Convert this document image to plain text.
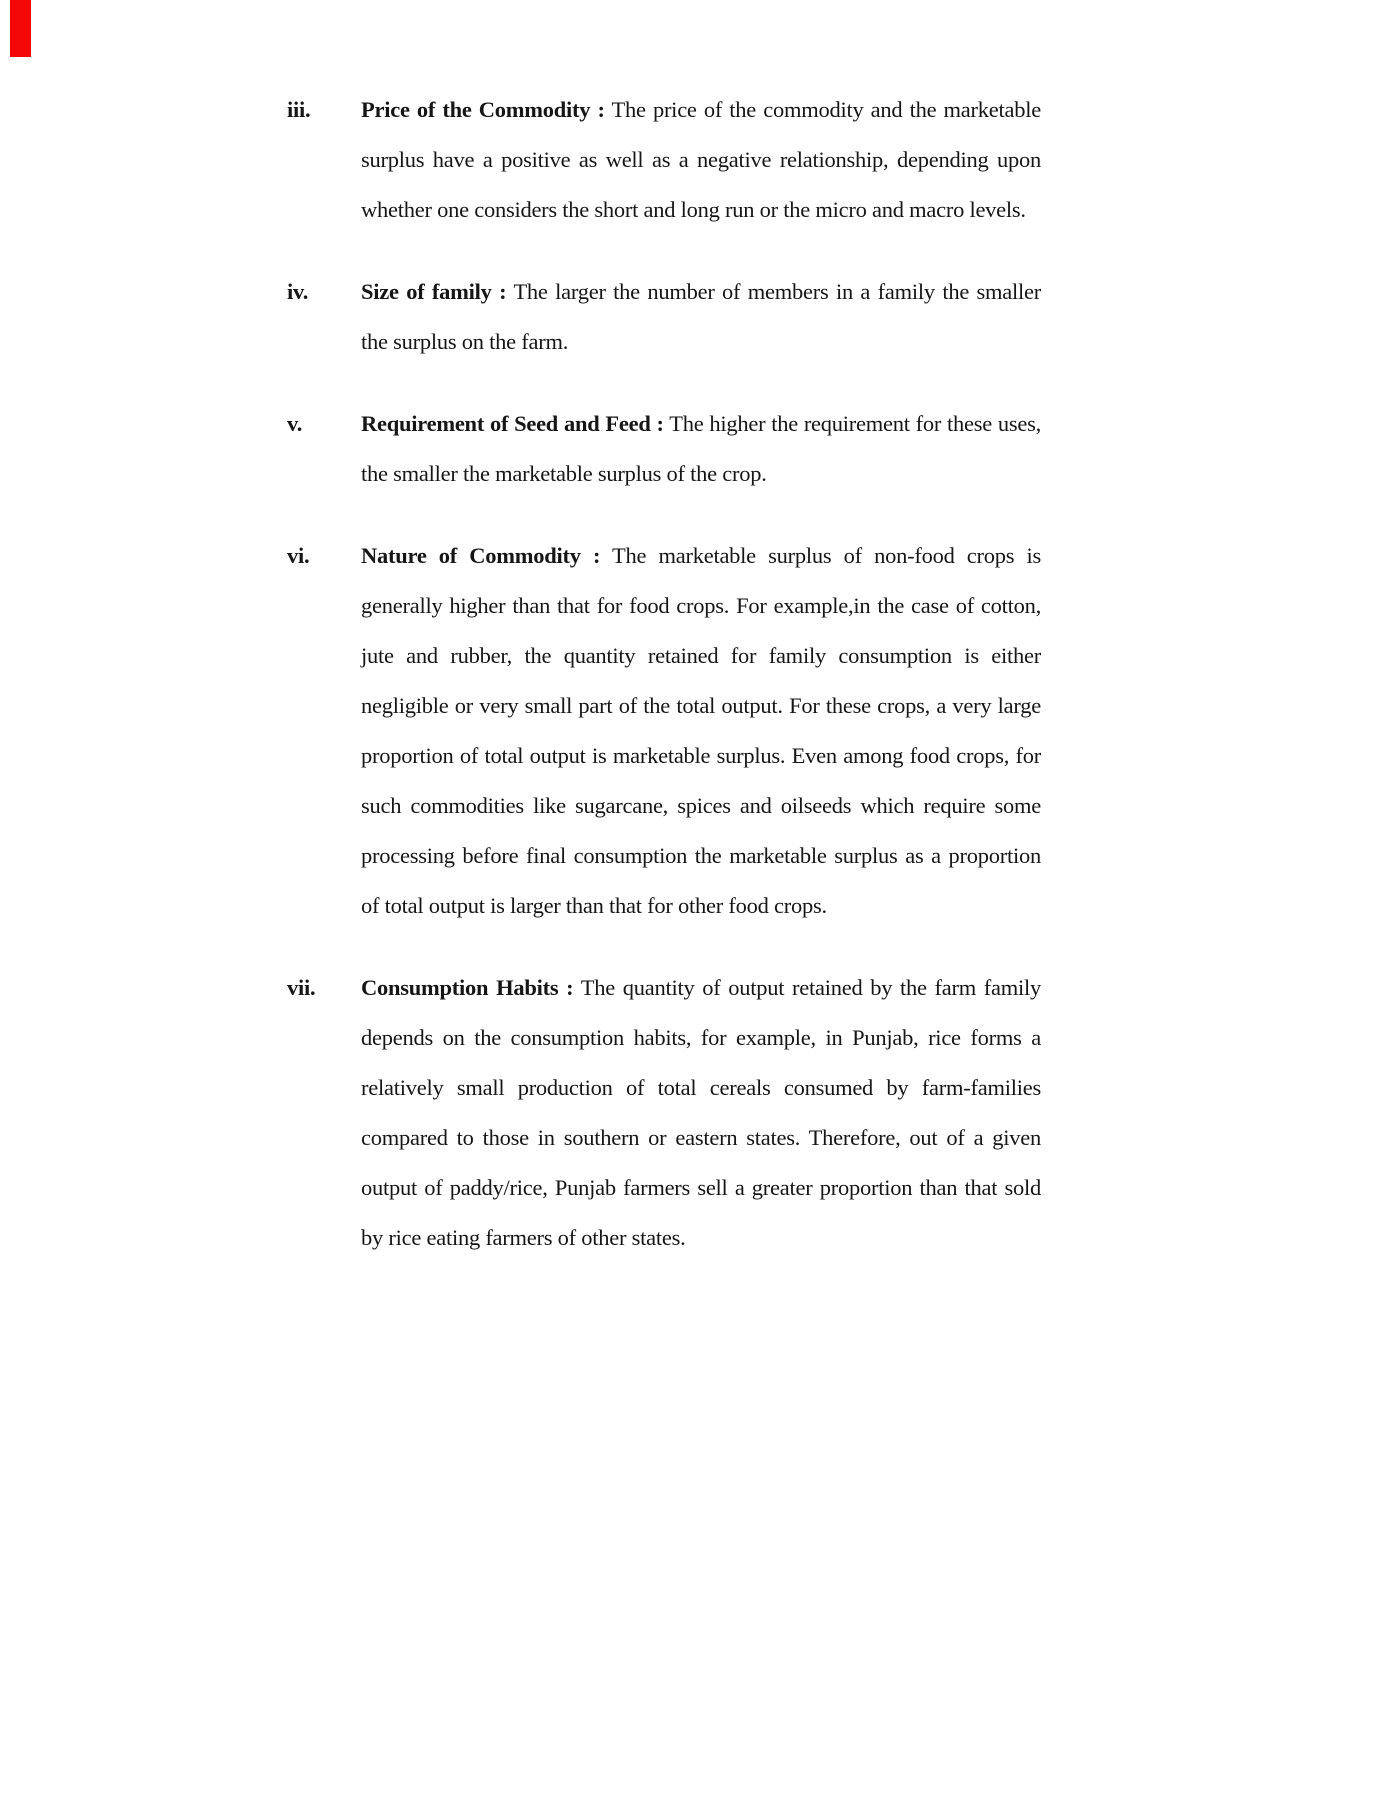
iii.	Price of the Commodity : The price of the commodity and the marketable surplus have a positive as well as a negative relationship, depending upon whether one considers the short and long run or the micro and macro levels.
iv.	Size of family : The larger the number of members in a family the smaller the surplus on the farm.
v.	Requirement of Seed and Feed : The higher the requirement for these uses, the smaller the marketable surplus of the crop.
vi.	Nature of Commodity : The marketable surplus of non-food crops is generally higher than that for food crops. For example,in the case of cotton, jute and rubber, the quantity retained for family consumption is either negligible or very small part of the total output. For these crops, a very large proportion of total output is marketable surplus. Even among food crops, for such commodities like sugarcane, spices and oilseeds which require some processing before final consumption the marketable surplus as a proportion of total output is larger than that for other food crops.
vii.	Consumption Habits : The quantity of output retained by the farm family depends on the consumption habits, for example, in Punjab, rice forms a relatively small production of total cereals consumed by farm-families compared to those in southern or eastern states. Therefore, out of a given output of paddy/rice, Punjab farmers sell a greater proportion than that sold by rice eating farmers of other states.
